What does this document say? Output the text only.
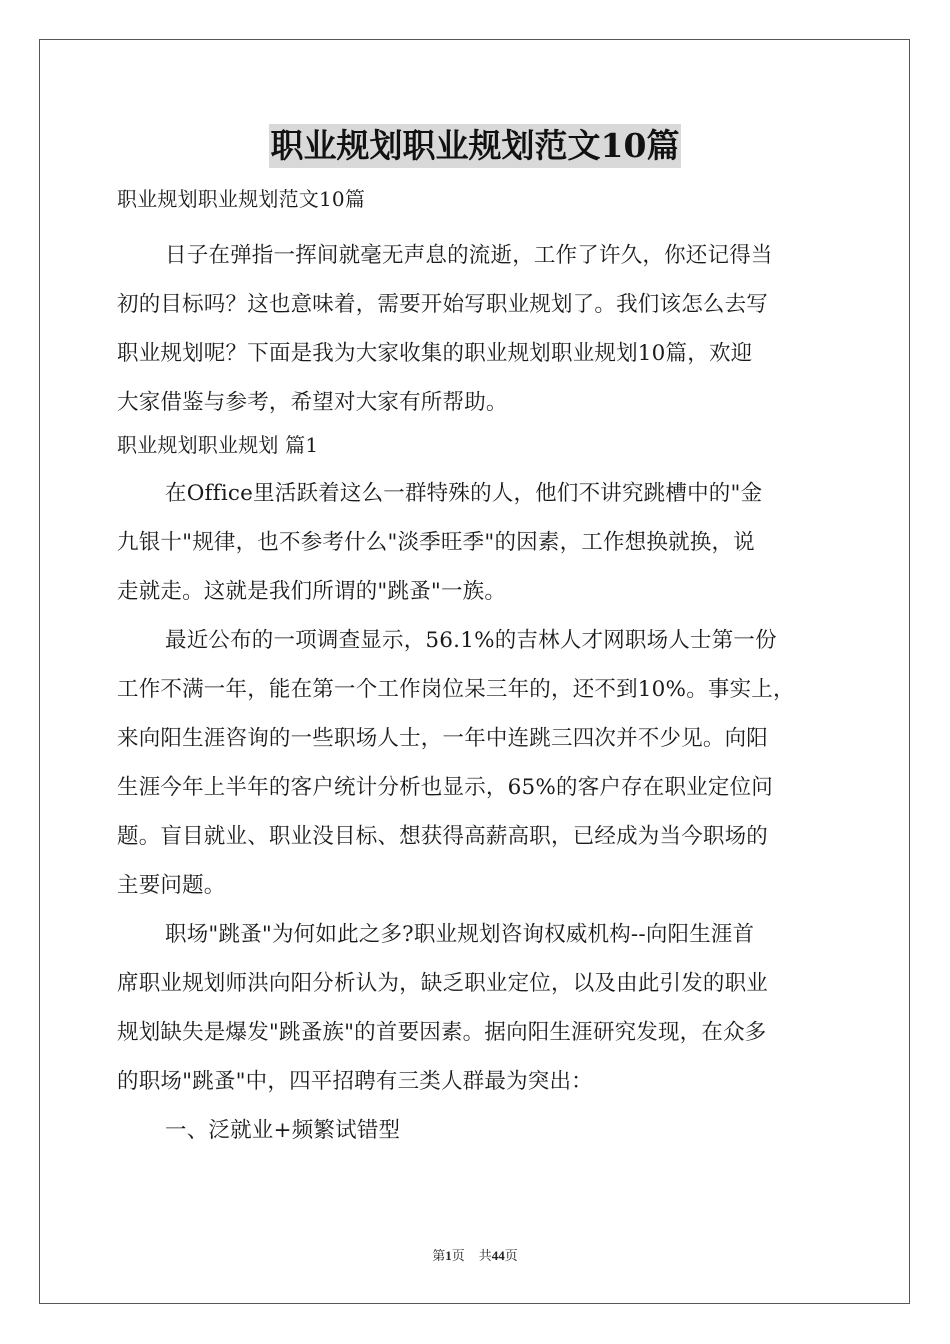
职业规划职业规划范文10篇
职业规划职业规划范文10篇
日子在弹指一挥间就毫无声息的流逝，工作了许久，你还记得当
初的目标吗？这也意味着，需要开始写职业规划了。我们该怎么去写
职业规划呢？下面是我为大家收集的职业规划职业规划10篇，欢迎
大家借鉴与参考，希望对大家有所帮助。
职业规划职业规划 篇1
在Office里活跃着这么一群特殊的人，他们不讲究跳槽中的"金
九银十"规律，也不参考什么"淡季旺季"的因素，工作想换就换，说
走就走。这就是我们所谓的"跳蚤"一族。
最近公布的一项调查显示，56.1%的吉林人才网职场人士第一份
工作不满一年，能在第一个工作岗位呆三年的，还不到10%。事实上，
来向阳生涯咨询的一些职场人士，一年中连跳三四次并不少见。向阳
生涯今年上半年的客户统计分析也显示，65%的客户存在职业定位问
题。盲目就业、职业没目标、想获得高薪高职，已经成为当今职场的
主要问题。
职场"跳蚤"为何如此之多?职业规划咨询权威机构--向阳生涯首
席职业规划师洪向阳分析认为，缺乏职业定位，以及由此引发的职业
规划缺失是爆发"跳蚤族"的首要因素。据向阳生涯研究发现，在众多
的职场"跳蚤"中，四平招聘有三类人群最为突出：
一、泛就业+频繁试错型
第1页 共44页
